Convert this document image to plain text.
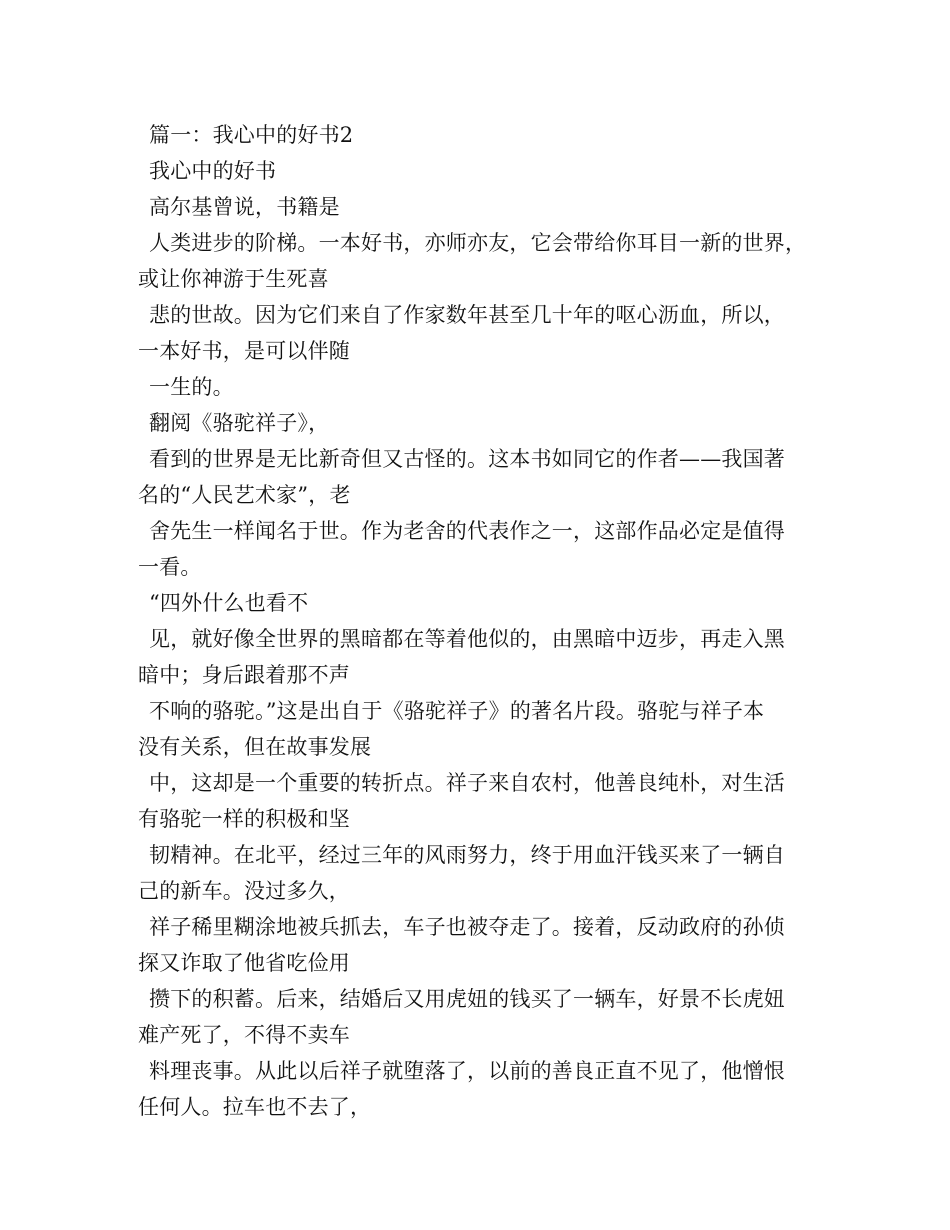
篇一：我心中的好书2
我心中的好书
高尔基曾说，书籍是
人类进步的阶梯。一本好书，亦师亦友，它会带给你耳目一新的世界，
或让你神游于生死喜
悲的世故。因为它们来自了作家数年甚至几十年的呕心沥血，所以，
一本好书，是可以伴随
一生的。
翻阅《骆驼祥子》，
看到的世界是无比新奇但又古怪的。这本书如同它的作者——我国著
名的“人民艺术家”，老
舍先生一样闻名于世。作为老舍的代表作之一，这部作品必定是值得
一看。
“四外什么也看不
见，就好像全世界的黑暗都在等着他似的，由黑暗中迈步，再走入黑
暗中；身后跟着那不声
不响的骆驼。”这是出自于《骆驼祥子》的著名片段。骆驼与祥子本
没有关系，但在故事发展
中，这却是一个重要的转折点。祥子来自农村，他善良纯朴，对生活
有骆驼一样的积极和坚
韧精神。在北平，经过三年的风雨努力，终于用血汗钱买来了一辆自
己的新车。没过多久，
祥子稀里糊涂地被兵抓去，车子也被夺走了。接着，反动政府的孙侦
探又诈取了他省吃俭用
攒下的积蓄。后来，结婚后又用虎妞的钱买了一辆车，好景不长虎妞
难产死了，不得不卖车
料理丧事。从此以后祥子就堕落了，以前的善良正直不见了，他憎恨
任何人。拉车也不去了，
